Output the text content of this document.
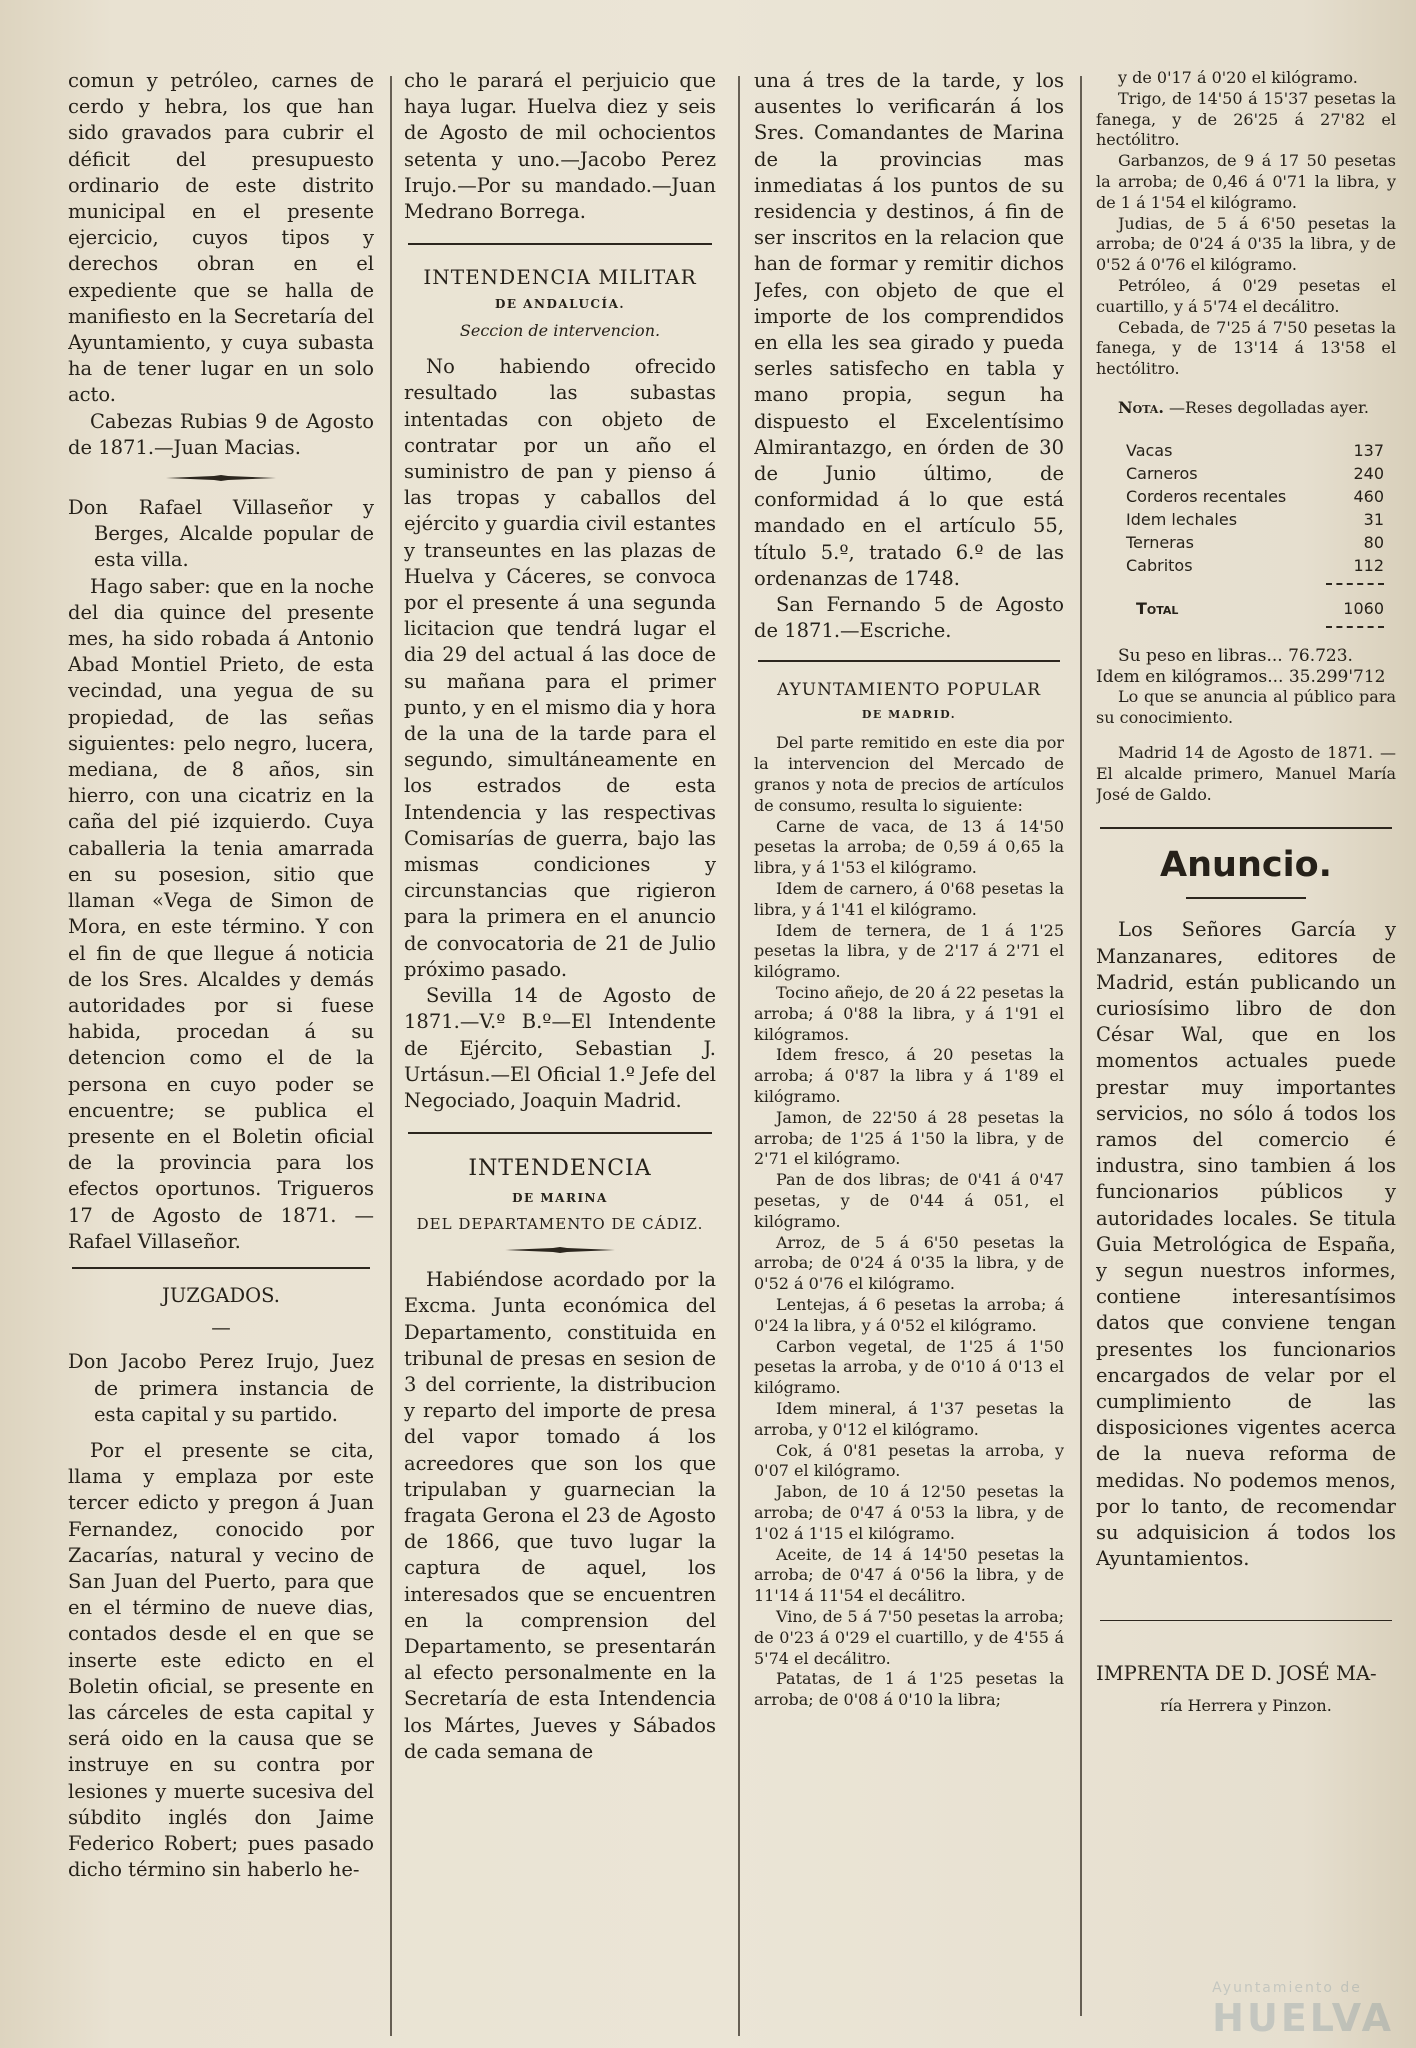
comun y petróleo, carnes de cerdo y hebra, los que han sido gravados para cubrir el déficit del presupuesto ordinario de este distrito municipal en el presente ejercicio, cuyos tipos y derechos obran en el expediente que se halla de manifiesto en la Secretaría del Ayuntamiento, y cuya subasta ha de tener lugar en un solo acto.

Cabezas Rubias 9 de Agosto de 1871.—Juan Macias.

Don Rafael Villaseñor y Berges, Alcalde popular de esta villa.

Hago saber: que en la noche del dia quince del presente mes, ha sido robada á Antonio Abad Montiel Prieto, de esta vecindad, una yegua de su propiedad, de las señas siguientes: pelo negro, lucera, mediana, de 8 años, sin hierro, con una cicatriz en la caña del pié izquierdo. Cuya caballeria la tenia amarrada en su posesion, sitio que llaman «Vega de Simon de Mora, en este término. Y con el fin de que llegue á noticia de los Sres. Alcaldes y demás autoridades por si fuese habida, procedan á su detencion como el de la persona en cuyo poder se encuentre; se publica el presente en el Boletin oficial de la provincia para los efectos oportunos. Trigueros 17 de Agosto de 1871. —Rafael Villaseñor.

JUZGADOS.

—

Don Jacobo Perez Irujo, Juez de primera instancia de esta capital y su partido.

Por el presente se cita, llama y emplaza por este tercer edicto y pregon á Juan Fernandez, conocido por Zacarías, natural y vecino de San Juan del Puerto, para que en el término de nueve dias, contados desde el en que se inserte este edicto en el Boletin oficial, se presente en las cárceles de esta capital y será oido en la causa que se instruye en su contra por lesiones y muerte sucesiva del súbdito inglés don Jaime Federico Robert; pues pasado dicho término sin haberlo he-

cho le parará el perjuicio que haya lugar. Huelva diez y seis de Agosto de mil ochocientos setenta y uno.—Jacobo Perez Irujo.—Por su mandado.—Juan Medrano Borrega.

INTENDENCIA MILITAR

DE ANDALUCÍA.

Seccion de intervencion.

No habiendo ofrecido resultado las subastas intentadas con objeto de contratar por un año el suministro de pan y pienso á las tropas y caballos del ejército y guardia civil estantes y transeuntes en las plazas de Huelva y Cáceres, se convoca por el presente á una segunda licitacion que tendrá lugar el dia 29 del actual á las doce de su mañana para el primer punto, y en el mismo dia y hora de la una de la tarde para el segundo, simultáneamente en los estrados de esta Intendencia y las respectivas Comisarías de guerra, bajo las mismas condiciones y circunstancias que rigieron para la primera en el anuncio de convocatoria de 21 de Julio próximo pasado.

Sevilla 14 de Agosto de 1871.—V.º B.º—El Intendente de Ejército, Sebastian J. Urtásun.—El Oficial 1.º Jefe del Negociado, Joaquin Madrid.

INTENDENCIA

DE MARINA

DEL DEPARTAMENTO DE CÁDIZ.

Habiéndose acordado por la Excma. Junta económica del Departamento, constituida en tribunal de presas en sesion de 3 del corriente, la distribucion y reparto del importe de presa del vapor tomado á los acreedores que son los que tripulaban y guarnecian la fragata Gerona el 23 de Agosto de 1866, que tuvo lugar la captura de aquel, los interesados que se encuentren en la comprension del Departamento, se presentarán al efecto personalmente en la Secretaría de esta Intendencia los Mártes, Jueves y Sábados de cada semana de

una á tres de la tarde, y los ausentes lo verificarán á los Sres. Comandantes de Marina de la provincias mas inmediatas á los puntos de su residencia y destinos, á fin de ser inscritos en la relacion que han de formar y remitir dichos Jefes, con objeto de que el importe de los comprendidos en ella les sea girado y pueda serles satisfecho en tabla y mano propia, segun ha dispuesto el Excelentísimo Almirantazgo, en órden de 30 de Junio último, de conformidad á lo que está mandado en el artículo 55, título 5.º, tratado 6.º de las ordenanzas de 1748.

San Fernando 5 de Agosto de 1871.—Escriche.

AYUNTAMIENTO POPULAR

DE MADRID.

Del parte remitido en este dia por la intervencion del Mercado de granos y nota de precios de artículos de consumo, resulta lo siguiente:

Carne de vaca, de 13 á 14'50 pesetas la arroba; de 0,59 á 0,65 la libra, y á 1'53 el kilógramo.

Idem de carnero, á 0'68 pesetas la libra, y á 1'41 el kilógramo.

Idem de ternera, de 1 á 1'25 pesetas la libra, y de 2'17 á 2'71 el kilógramo.

Tocino añejo, de 20 á 22 pesetas la arroba; á 0'88 la libra, y á 1'91 el kilógramos.

Idem fresco, á 20 pesetas la arroba; á 0'87 la libra y á 1'89 el kilógramo.

Jamon, de 22'50 á 28 pesetas la arroba; de 1'25 á 1'50 la libra, y de 2'71 el kilógramo.

Pan de dos libras; de 0'41 á 0'47 pesetas, y de 0'44 á 051, el kilógramo.

Arroz, de 5 á 6'50 pesetas la arroba; de 0'24 á 0'35 la libra, y de 0'52 á 0'76 el kilógramo.

Lentejas, á 6 pesetas la arroba; á 0'24 la libra, y á 0'52 el kilógramo.

Carbon vegetal, de 1'25 á 1'50 pesetas la arroba, y de 0'10 á 0'13 el kilógramo.

Idem mineral, á 1'37 pesetas la arroba, y 0'12 el kilógramo.

Cok, á 0'81 pesetas la arroba, y 0'07 el kilógramo.

Jabon, de 10 á 12'50 pesetas la arroba; de 0'47 á 0'53 la libra, y de 1'02 á 1'15 el kilógramo.

Aceite, de 14 á 14'50 pesetas la arroba; de 0'47 á 0'56 la libra, y de 11'14 á 11'54 el decálitro.

Vino, de 5 á 7'50 pesetas la arroba; de 0'23 á 0'29 el cuartillo, y de 4'55 á 5'74 el decálitro.

Patatas, de 1 á 1'25 pesetas la arroba; de 0'08 á 0'10 la libra;

y de 0'17 á 0'20 el kilógramo.

Trigo, de 14'50 á 15'37 pesetas la fanega, y de 26'25 á 27'82 el hectólitro.

Garbanzos, de 9 á 17 50 pesetas la arroba; de 0,46 á 0'71 la libra, y de 1 á 1'54 el kilógramo.

Judias, de 5 á 6'50 pesetas la arroba; de 0'24 á 0'35 la libra, y de 0'52 á 0'76 el kilógramo.

Petróleo, á 0'29 pesetas el cuartillo, y á 5'74 el decálitro.

Cebada, de 7'25 á 7'50 pesetas la fanega, y de 13'14 á 13'58 el hectólitro.

Nota. —Reses degolladas ayer.

Vacas	137
Carneros	240
Corderos recentales	460
Idem lechales	31
Terneras	80
Cabritos	112
Total	1060

Su peso en libras... 76.723.

Idem en kilógramos... 35.299'712

Lo que se anuncia al público para su conocimiento.

Madrid 14 de Agosto de 1871. —El alcalde primero, Manuel María José de Galdo.

Anuncio.

Los Señores García y Manzanares, editores de Madrid, están publicando un curiosísimo libro de don César Wal, que en los momentos actuales puede prestar muy importantes servicios, no sólo á todos los ramos del comercio é industra, sino tambien á los funcionarios públicos y autoridades locales. Se titula Guia Metrológica de España, y segun nuestros informes, contiene interesantísimos datos que conviene tengan presentes los funcionarios encargados de velar por el cumplimiento de las disposiciones vigentes acerca de la nueva reforma de medidas. No podemos menos, por lo tanto, de recomendar su adquisicion á todos los Ayuntamientos.

IMPRENTA DE D. JOSÉ MA-

ría Herrera y Pinzon.

Ayuntamiento de
HUELVA
